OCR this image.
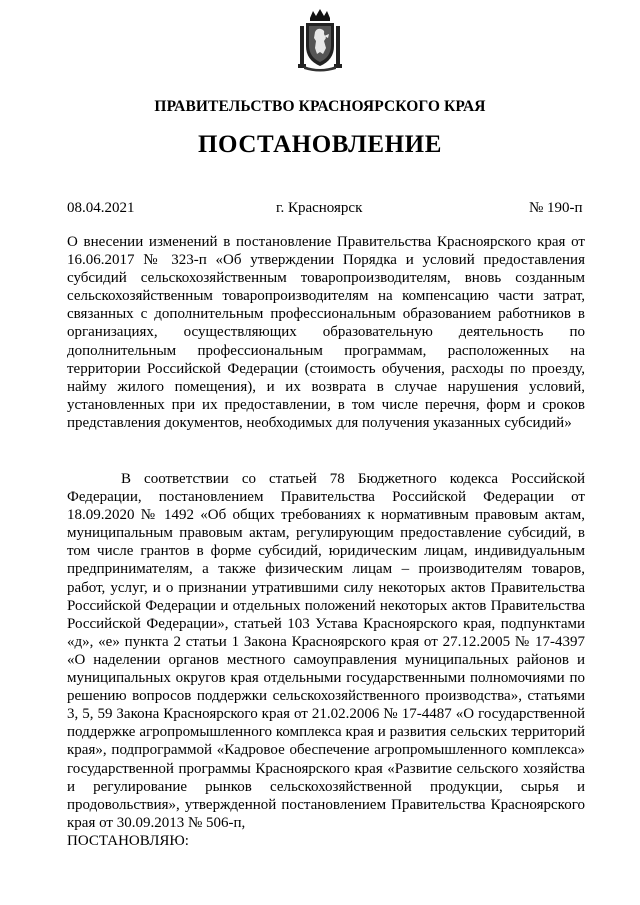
ПРАВИТЕЛЬСТВО КРАСНОЯРСКОГО КРАЯ
ПОСТАНОВЛЕНИЕ
08.04.2021	г. Красноярск	№ 190-п
О внесении изменений в постановление Правительства Красноярского края от 16.06.2017 № 323-п «Об утверждении Порядка и условий предоставления субсидий сельскохозяйственным товаропроизводителям, вновь созданным сельскохозяйственным товаропроизводителям на компенсацию части затрат, связанных с дополнительным профессиональным образованием работников в организациях, осуществляющих образовательную деятельность по дополнительным профессиональным программам, расположенных на территории Российской Федерации (стоимость обучения, расходы по проезду, найму жилого помещения), и их возврата в случае нарушения условий, установленных при их предоставлении, в том числе перечня, форм и сроков представления документов, необходимых для получения указанных субсидий»
В соответствии со статьей 78 Бюджетного кодекса Российской Федерации, постановлением Правительства Российской Федерации от 18.09.2020 № 1492 «Об общих требованиях к нормативным правовым актам, муниципальным правовым актам, регулирующим предоставление субсидий, в том числе грантов в форме субсидий, юридическим лицам, индивидуальным предпринимателям, а также физическим лицам – производителям товаров, работ, услуг, и о признании утратившими силу некоторых актов Правительства Российской Федерации и отдельных положений некоторых актов Правительства Российской Федерации», статьей 103 Устава Красноярского края, подпунктами «д», «е» пункта 2 статьи 1 Закона Красноярского края от 27.12.2005 № 17-4397 «О наделении органов местного самоуправления муниципальных районов и муниципальных округов края отдельными государственными полномочиями по решению вопросов поддержки сельскохозяйственного производства», статьями 3, 5, 59 Закона Красноярского края от 21.02.2006 № 17-4487 «О государственной поддержке агропромышленного комплекса края и развития сельских территорий края», подпрограммой «Кадровое обеспечение агропромышленного комплекса» государственной программы Красноярского края «Развитие сельского хозяйства и регулирование рынков сельскохозяйственной продукции, сырья и продовольствия», утвержденной постановлением Правительства Красноярского края от 30.09.2013 № 506-п,
ПОСТАНОВЛЯЮ:
